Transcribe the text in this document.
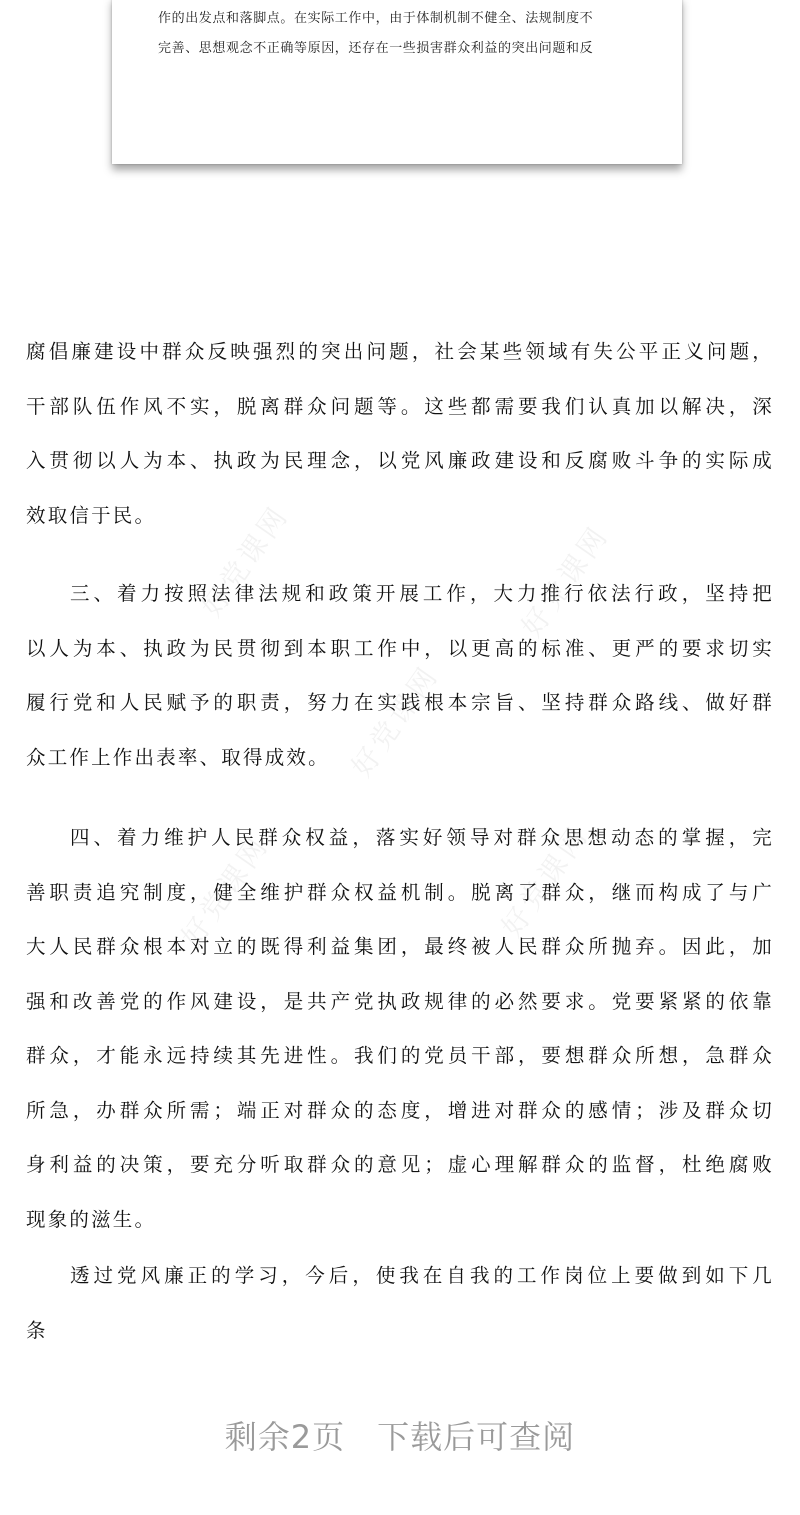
作的出发点和落脚点。在实际工作中，由于体制机制不健全、法规制度不
完善、思想观念不正确等原因，还存在一些损害群众利益的突出问题和反
好党课网	好党课网
好党课网
好党课网	好党课网
腐倡廉建设中群众反映强烈的突出问题，社会某些领域有失公平正义问题，
干部队伍作风不实，脱离群众问题等。这些都需要我们认真加以解决，深
入贯彻以人为本、执政为民理念，以党风廉政建设和反腐败斗争的实际成
效取信于民。
三、着力按照法律法规和政策开展工作，大力推行依法行政，坚持把
以人为本、执政为民贯彻到本职工作中，以更高的标准、更严的要求切实
履行党和人民赋予的职责，努力在实践根本宗旨、坚持群众路线、做好群
众工作上作出表率、取得成效。
四、着力维护人民群众权益，落实好领导对群众思想动态的掌握，完
善职责追究制度，健全维护群众权益机制。脱离了群众，继而构成了与广
大人民群众根本对立的既得利益集团，最终被人民群众所抛弃。因此，加
强和改善党的作风建设，是共产党执政规律的必然要求。党要紧紧的依靠
群众，才能永远持续其先进性。我们的党员干部，要想群众所想，急群众
所急，办群众所需；端正对群众的态度，增进对群众的感情；涉及群众切
身利益的决策，要充分听取群众的意见；虚心理解群众的监督，杜绝腐败
现象的滋生。
透过党风廉正的学习，今后，使我在自我的工作岗位上要做到如下几
条
剩余2页 下载后可查阅
